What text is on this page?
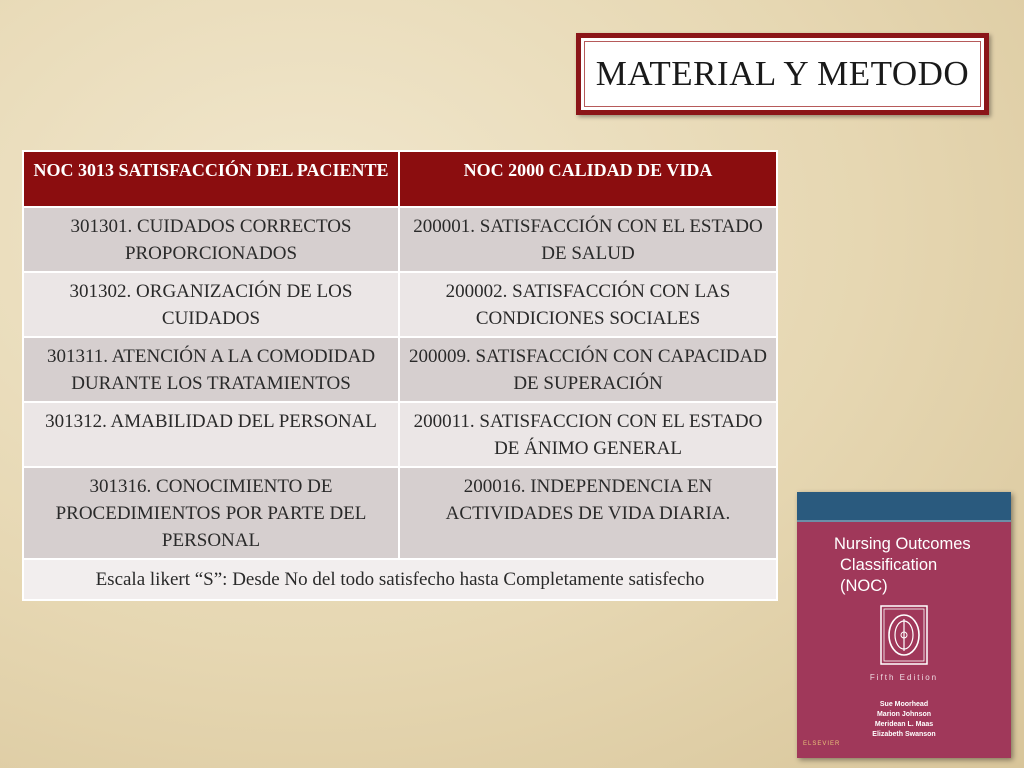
MATERIAL Y METODO
NOC 3013 SATISFACCIÓN DEL PACIENTE	NOC 2000 CALIDAD DE VIDA
301301. CUIDADOS CORRECTOS PROPORCIONADOS	200001. SATISFACCIÓN CON EL ESTADO DE SALUD
301302. ORGANIZACIÓN DE LOS CUIDADOS	200002. SATISFACCIÓN CON LAS CONDICIONES SOCIALES
301311. ATENCIÓN A LA COMODIDAD DURANTE LOS TRATAMIENTOS	200009. SATISFACCIÓN CON CAPACIDAD DE SUPERACIÓN
301312. AMABILIDAD DEL PERSONAL	200011. SATISFACCION CON EL ESTADO DE ÁNIMO GENERAL
301316. CONOCIMIENTO DE PROCEDIMIENTOS POR PARTE DEL PERSONAL	200016. INDEPENDENCIA EN ACTIVIDADES DE VIDA DIARIA.
Escala likert “S”: Desde No del todo satisfecho hasta Completamente satisfecho	
Nursing Outcomes
Classification
(NOC)
Fifth Edition
Sue Moorhead
Marion Johnson
Meridean L. Maas
Elizabeth Swanson
ELSEVIER
